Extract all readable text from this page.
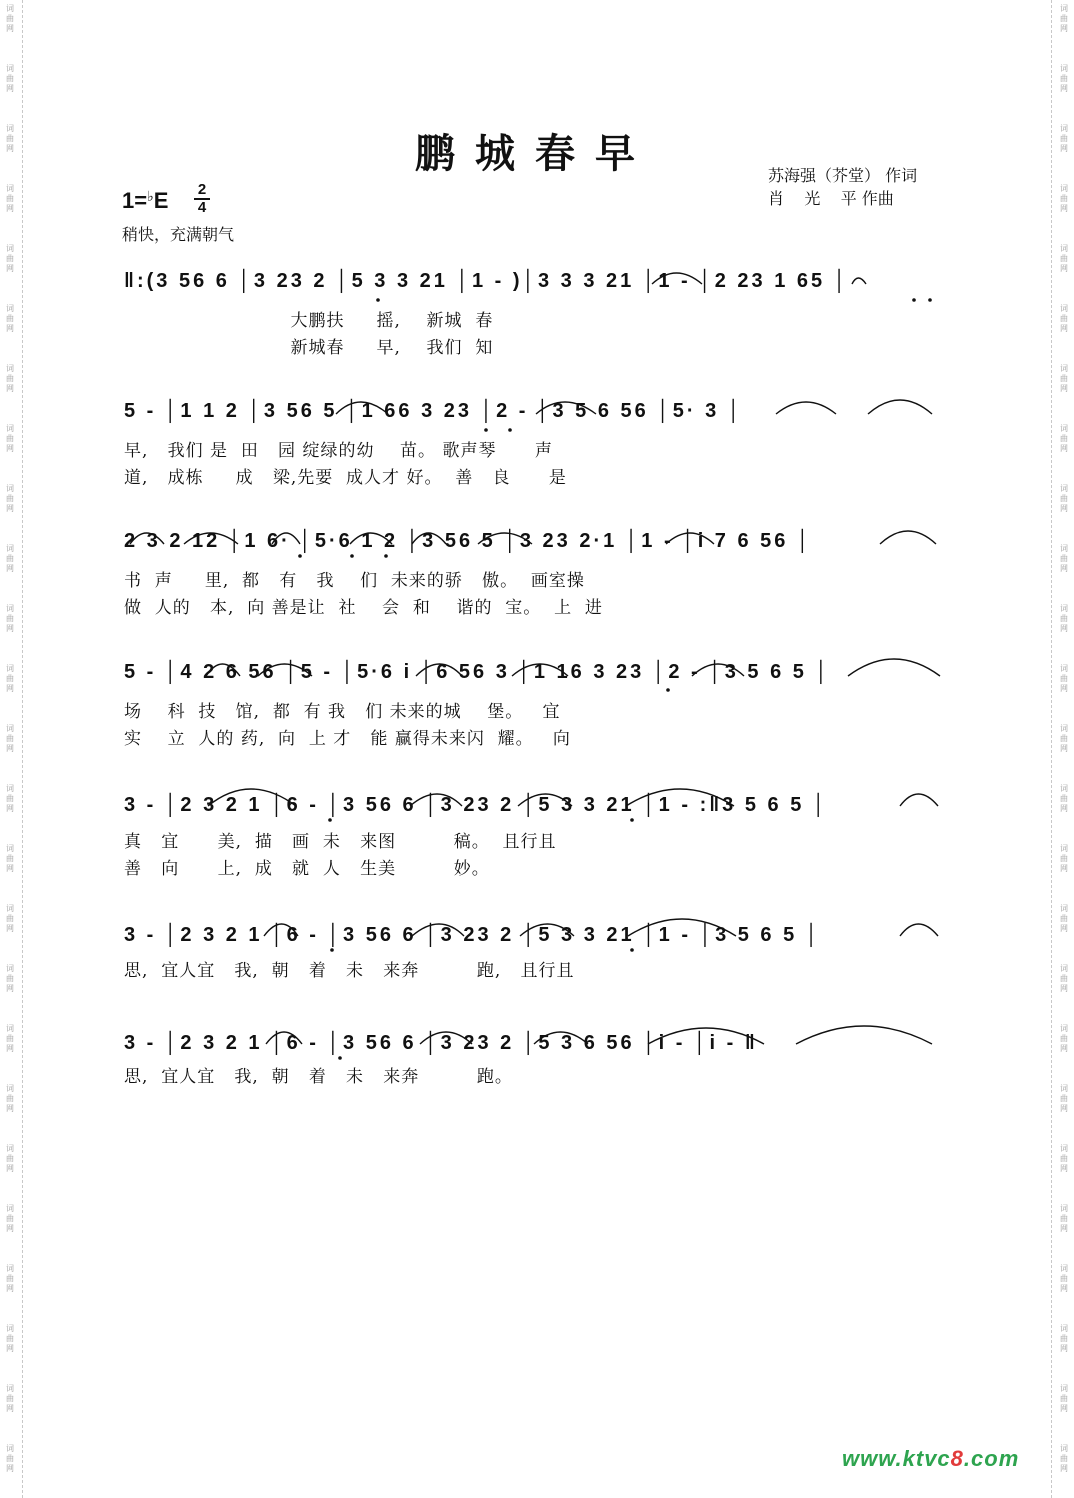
鹏城春早	苏海强（芥堂） 作词
肖    光    平 作曲
1=♭E 2
4
稍快，充满朝气
‖:(3 56 6 │3 23 2 │5 3 3 21 │1 - )│3 3 3 21 │1 - │2 23 1 65 │
大鹏扶     摇,    新城  春
新城春     早,    我们  知
5 - │1 1 2 │3 56 5 │1 66 3 23 │2 - │3 5 6 56 │5· 3 │
早,   我们 是  田   园 绽绿的幼    苗。 歌声琴      声
道,   成栋     成   梁,先要  成人才 好。  善   良      是
2 3 2 12 │1 6· │5·6 1 2 │3 56 5 │3 23 2·1 │1 - │i 7 6 56 │
书  声     里,  都   有   我    们  未来的骄   傲。  画室操
做  人的   本,  向 善是让  社    会  和    谐的  宝。  上  进
5 - │4 2 6 56 │5 - │5·6 i │6 56 3 │1 16 3 23 │2 - │3 5 6 5 │
场    科  技   馆,  都  有 我   们 未来的城    堡。   宜
实    立  人的 药,  向  上 才   能 赢得未来闪  耀。   向
3 - │2 3 2 1 │6 - │3 56 6 │3 23 2 │5 3 3 21 │1 - :‖3 5 6 5 │
真   宜      美,  描   画  未   来图         稿。  且行且
善   向      上,  成   就  人   生美         妙。
3 - │2 3 2 1 │6 - │3 56 6 │3 23 2 │5 3 3 21 │1 - │3 5 6 5 │
思,  宜人宜   我,  朝   着   未   来奔         跑,   且行且
3 - │2 3 2 1 │6 - │3 56 6 │3 23 2 │5 3 6 56 │i - │i - ‖
思,  宜人宜   我,  朝   着   未   来奔         跑。
www.ktvc8.com
词曲网
词曲网
词曲网
词曲网
词曲网
词曲网
词曲网
词曲网
词曲网
词曲网
词曲网
词曲网
词曲网
词曲网
词曲网
词曲网
词曲网
词曲网
词曲网
词曲网
词曲网
词曲网
词曲网
词曲网
词曲网
词曲网
词曲网
词曲网
词曲网
词曲网
词曲网
词曲网
词曲网
词曲网
词曲网
词曲网
词曲网
词曲网
词曲网
词曲网
词曲网
词曲网
词曲网
词曲网
词曲网
词曲网
词曲网
词曲网
词曲网
词曲网
